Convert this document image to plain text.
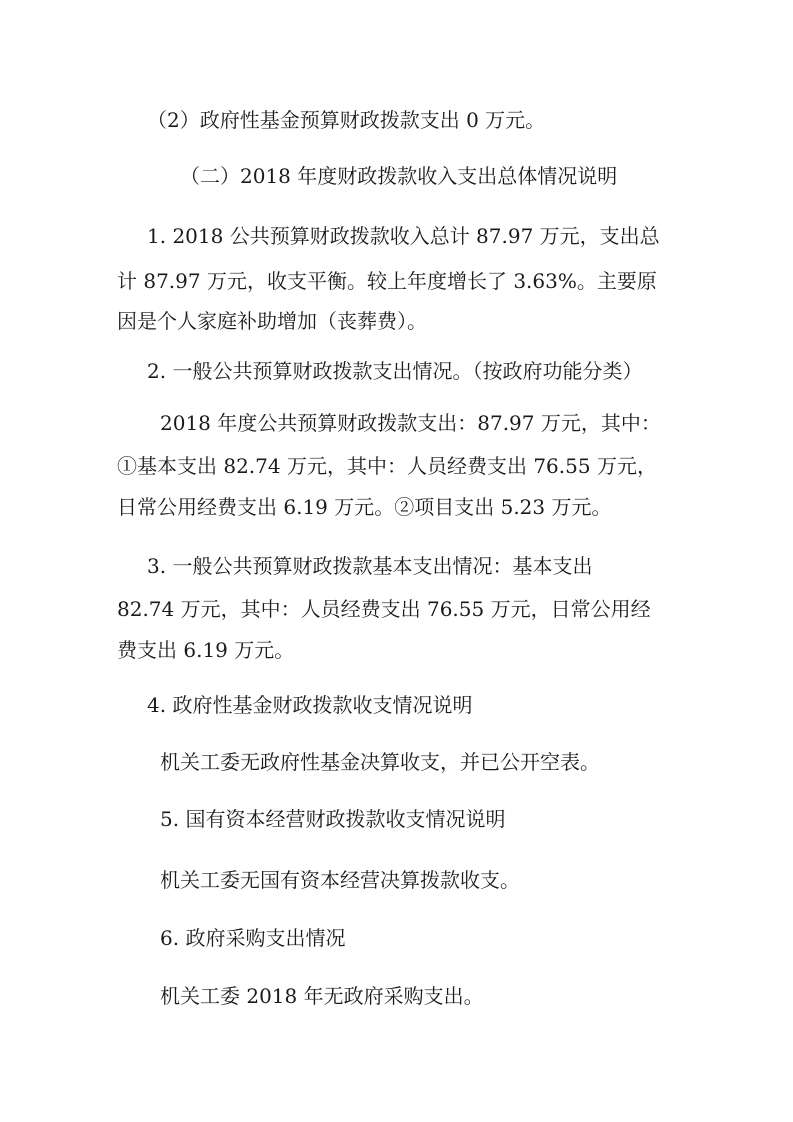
（2）政府性基金预算财政拨款支出 0 万元。
（二）2018 年度财政拨款收入支出总体情况说明
1. 2018 公共预算财政拨款收入总计 87.97 万元，支出总
计 87.97 万元，收支平衡。较上年度增长了 3.63%。主要原
因是个人家庭补助增加（丧葬费）。
2. 一般公共预算财政拨款支出情况。（按政府功能分类）
2018 年度公共预算财政拨款支出：87.97 万元，其中：
①基本支出 82.74 万元，其中：人员经费支出 76.55 万元，
日常公用经费支出 6.19 万元。②项目支出 5.23 万元。
3. 一般公共预算财政拨款基本支出情况：基本支出
82.74 万元，其中：人员经费支出 76.55 万元，日常公用经
费支出 6.19 万元。
4. 政府性基金财政拨款收支情况说明
机关工委无政府性基金决算收支，并已公开空表。
5. 国有资本经营财政拨款收支情况说明
机关工委无国有资本经营决算拨款收支。
6. 政府采购支出情况
机关工委 2018 年无政府采购支出。
